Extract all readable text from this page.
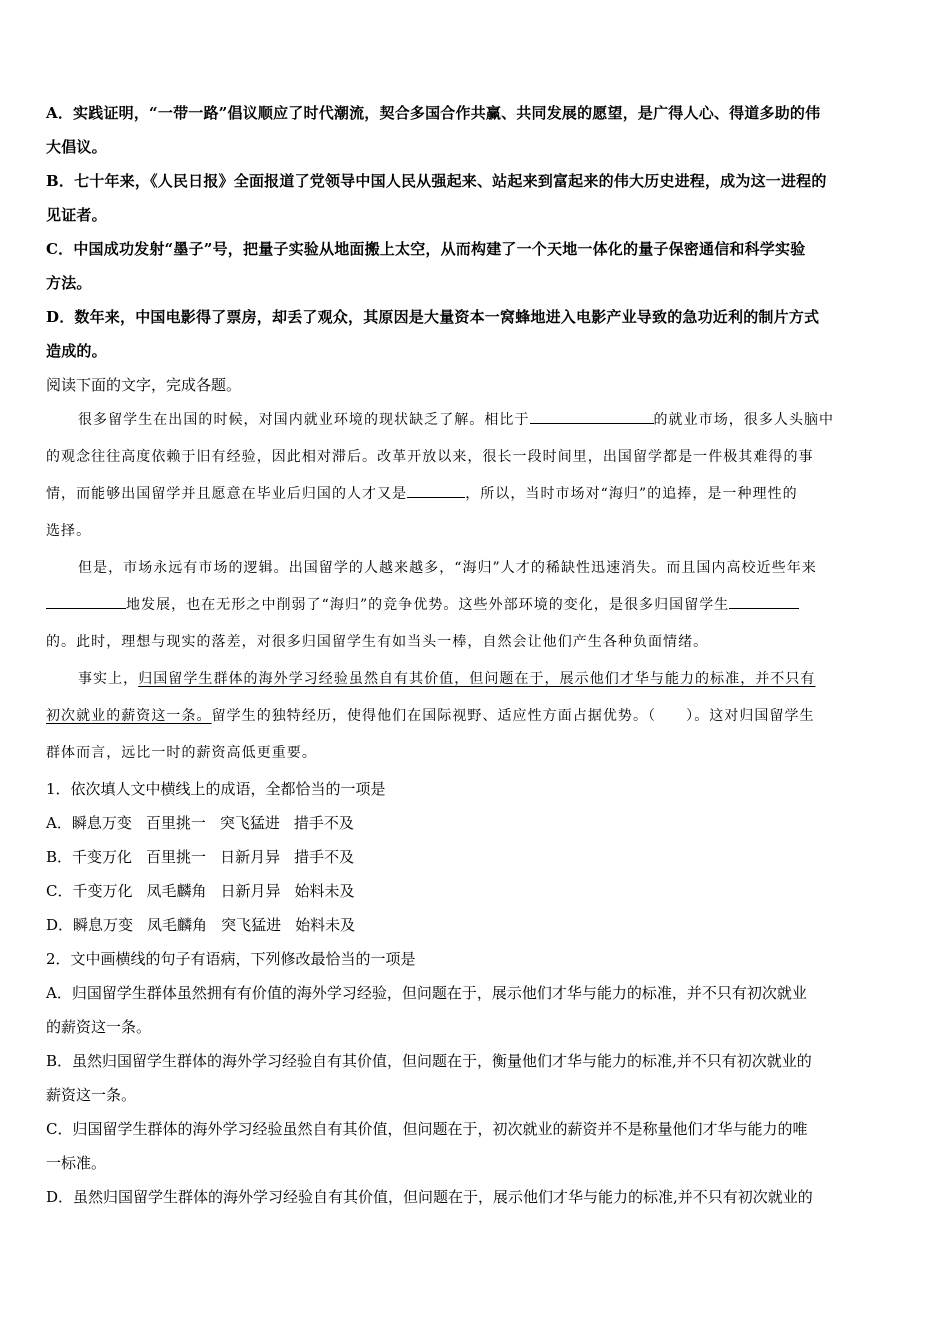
A．实践证明，“一带一路”倡议顺应了时代潮流，契合多国合作共赢、共同发展的愿望，是广得人心、得道多助的伟
大倡议。
B．七十年来，《人民日报》全面报道了党领导中国人民从强起来、站起来到富起来的伟大历史进程，成为这一进程的
见证者。
C．中国成功发射“墨子”号，把量子实验从地面搬上太空，从而构建了一个天地一体化的量子保密通信和科学实验
方法。
D．数年来，中国电影得了票房，却丢了观众，其原因是大量资本一窝蜂地进入电影产业导致的急功近利的制片方式
造成的。
阅读下面的文字，完成各题。
很多留学生在出国的时候，对国内就业环境的现状缺乏了解。相比于	的就业市场，很多人头脑中
的观念往往高度依赖于旧有经验，因此相对滞后。改革开放以来，很长一段时间里，出国留学都是一件极其难得的事
情，而能够出国留学并且愿意在毕业后归国的人才又是	，所以，当时市场对“海归”的追捧，是一种理性的
选择。
但是，市场永远有市场的逻辑。出国留学的人越来越多，“海归”人才的稀缺性迅速消失。而且国内高校近些年来
地发展，也在无形之中削弱了“海归”的竞争优势。这些外部环境的变化，是很多归国留学生
的。此时，理想与现实的落差，对很多归国留学生有如当头一棒，自然会让他们产生各种负面情绪。
事实上，归国留学生群体的海外学习经验虽然自有其价值，但问题在于，展示他们才华与能力的标准，并不只有
初次就业的薪资这一条。留学生的独特经历，使得他们在国际视野、适应性方面占据优势。（　　）。这对归国留学生
群体而言，远比一时的薪资高低更重要。
1．依次填人文中横线上的成语，全都恰当的一项是
A．瞬息万变 百里挑一 突飞猛进 措手不及
B．千变万化 百里挑一 日新月异 措手不及
C．千变万化 凤毛麟角 日新月异 始料未及
D．瞬息万变 凤毛麟角 突飞猛进 始料未及
2．文中画横线的句子有语病，下列修改最恰当的一项是
A．归国留学生群体虽然拥有有价值的海外学习经验，但问题在于，展示他们才华与能力的标准，并不只有初次就业
的薪资这一条。
B．虽然归国留学生群体的海外学习经验自有其价值，但问题在于，衡量他们才华与能力的标准,并不只有初次就业的
薪资这一条。
C．归国留学生群体的海外学习经验虽然自有其价值，但问题在于，初次就业的薪资并不是称量他们才华与能力的唯
一标准。
D．虽然归国留学生群体的海外学习经验自有其价值，但问题在于，展示他们才华与能力的标准,并不只有初次就业的
